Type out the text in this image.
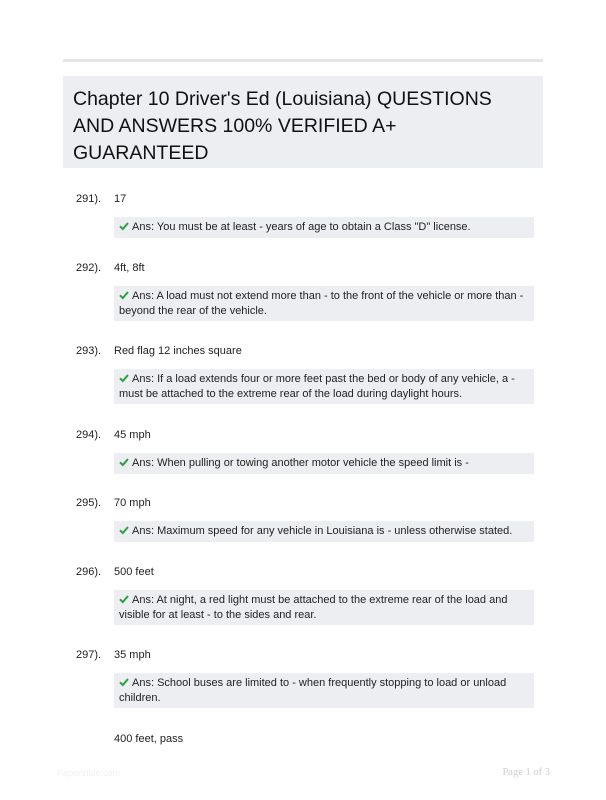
Chapter 10 Driver's Ed (Louisiana) QUESTIONS AND ANSWERS 100% VERIFIED A+ GUARANTEED
291). 17
Ans: You must be at least - years of age to obtain a Class "D" license.
292). 4ft, 8ft
Ans: A load must not extend more than - to the front of the vehicle or more than - beyond the rear of the vehicle.
293). Red flag 12 inches square
Ans: If a load extends four or more feet past the bed or body of any vehicle, a - must be attached to the extreme rear of the load during daylight hours.
294). 45 mph
Ans: When pulling or towing another motor vehicle the speed limit is -
295). 70 mph
Ans: Maximum speed for any vehicle in Louisiana is - unless otherwise stated.
296). 500 feet
Ans: At night, a red light must be attached to the extreme rear of the load and visible for at least - to the sides and rear.
297). 35 mph
Ans: School buses are limited to - when frequently stopping to load or unload children.
400 feet, pass
Papertrible.com	Page 1 of 3
